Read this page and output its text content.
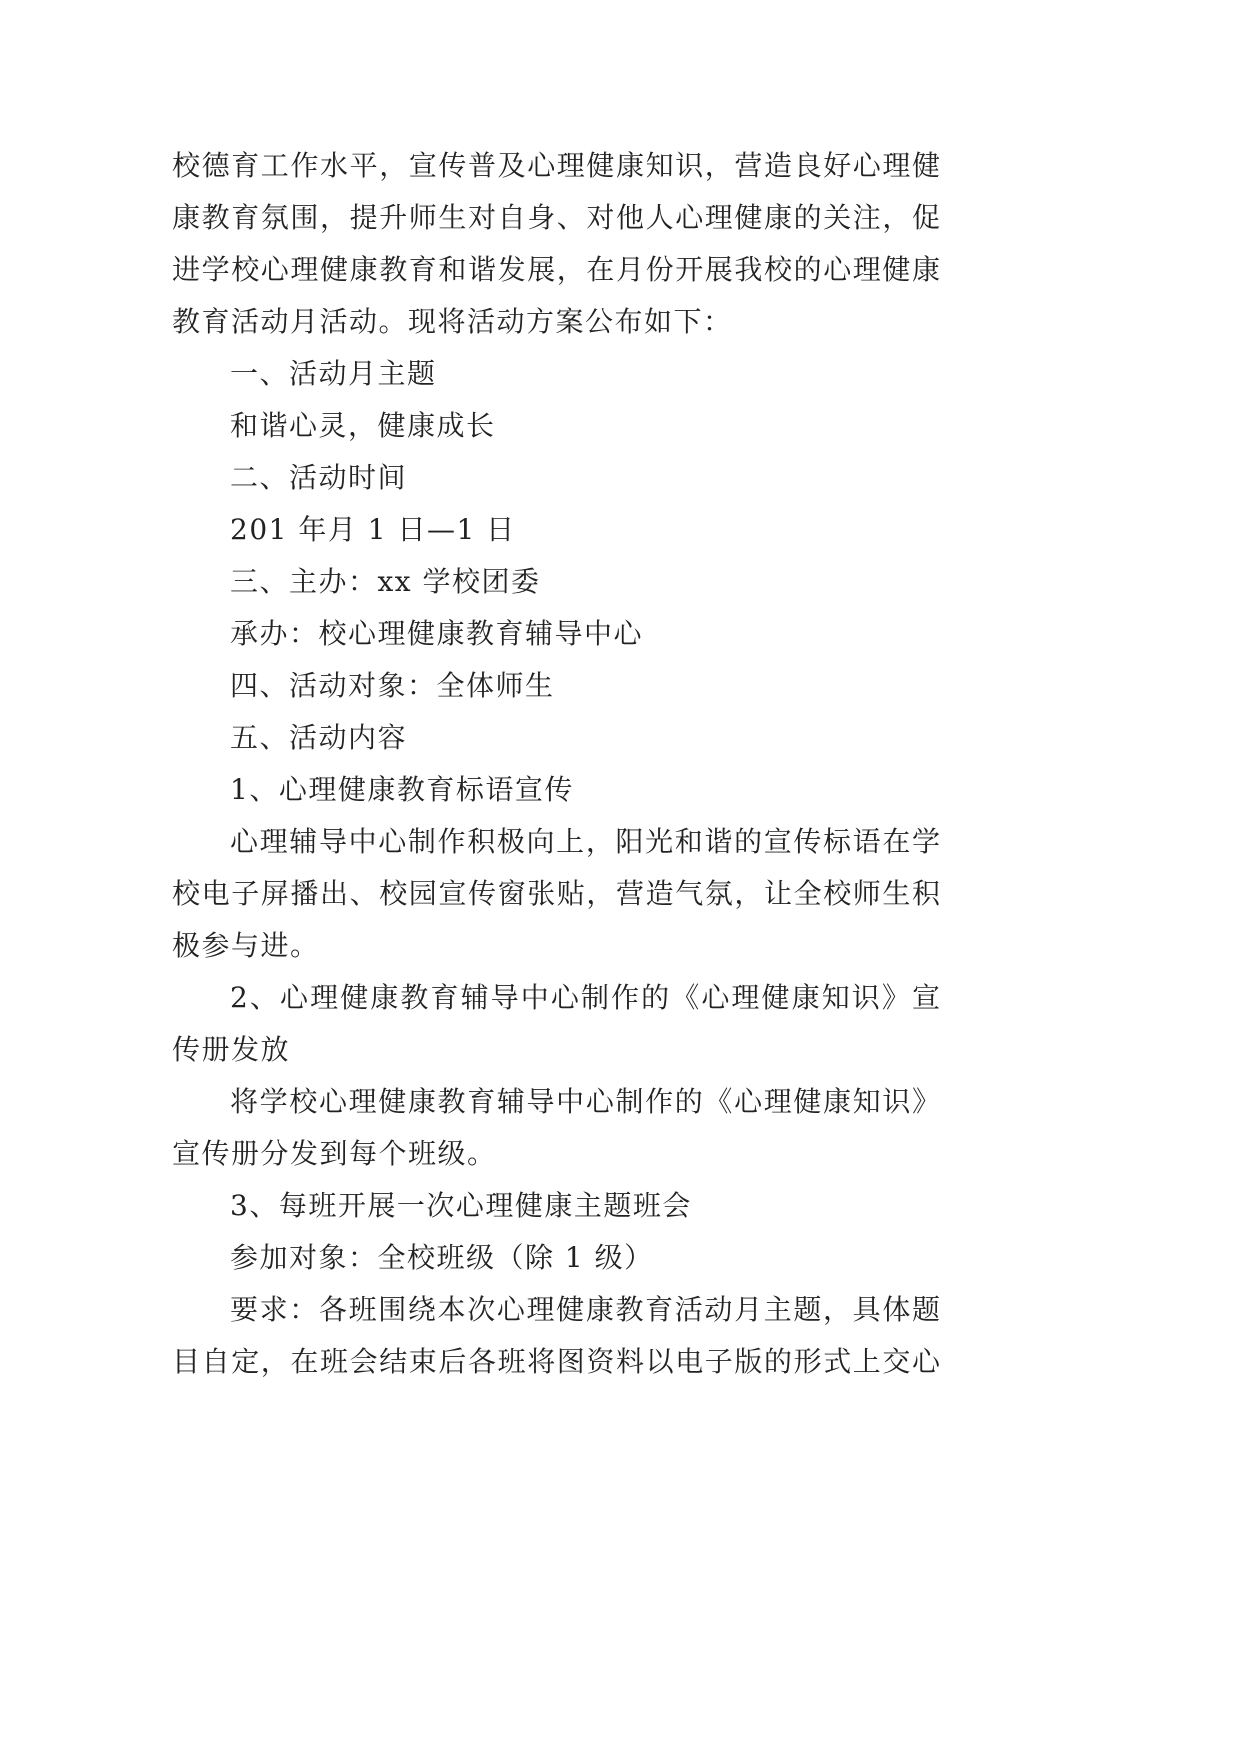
校德育工作水平，宣传普及心理健康知识，营造良好心理健
康教育氛围，提升师生对自身、对他人心理健康的关注，促
进学校心理健康教育和谐发展，在月份开展我校的心理健康
教育活动月活动。现将活动方案公布如下：
一、活动月主题
和谐心灵，健康成长
二、活动时间
201 年月 1 日—1 日
三、主办：xx 学校团委
承办：校心理健康教育辅导中心
四、活动对象：全体师生
五、活动内容
1、心理健康教育标语宣传
心理辅导中心制作积极向上，阳光和谐的宣传标语在学
校电子屏播出、校园宣传窗张贴，营造气氛，让全校师生积
极参与进。
2、心理健康教育辅导中心制作的《心理健康知识》宣
传册发放
将学校心理健康教育辅导中心制作的《心理健康知识》
宣传册分发到每个班级。
3、每班开展一次心理健康主题班会
参加对象：全校班级（除 1 级）
要求：各班围绕本次心理健康教育活动月主题，具体题
目自定，在班会结束后各班将图资料以电子版的形式上交心
